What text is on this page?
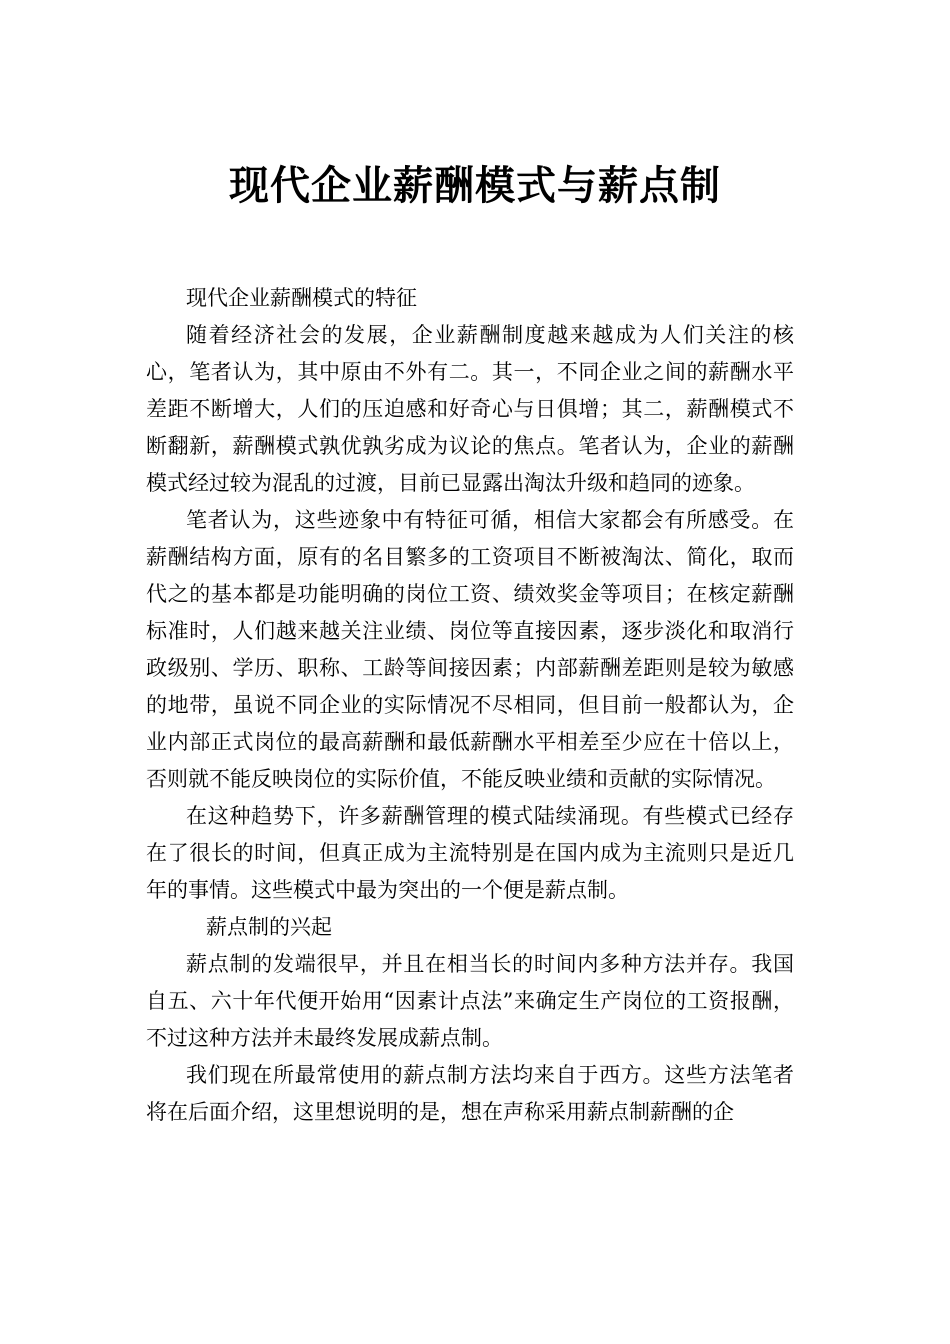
现代企业薪酬模式与薪点制

现代企业薪酬模式的特征

随着经济社会的发展，企业薪酬制度越来越成为人们关注的核心，笔者认为，其中原由不外有二。其一，不同企业之间的薪酬水平差距不断增大，人们的压迫感和好奇心与日俱增；其二，薪酬模式不断翻新，薪酬模式孰优孰劣成为议论的焦点。笔者认为，企业的薪酬模式经过较为混乱的过渡，目前已显露出淘汰升级和趋同的迹象。

笔者认为，这些迹象中有特征可循，相信大家都会有所感受。在薪酬结构方面，原有的名目繁多的工资项目不断被淘汰、简化，取而代之的基本都是功能明确的岗位工资、绩效奖金等项目；在核定薪酬标准时，人们越来越关注业绩、岗位等直接因素，逐步淡化和取消行政级别、学历、职称、工龄等间接因素；内部薪酬差距则是较为敏感的地带，虽说不同企业的实际情况不尽相同，但目前一般都认为，企业内部正式岗位的最高薪酬和最低薪酬水平相差至少应在十倍以上，否则就不能反映岗位的实际价值，不能反映业绩和贡献的实际情况。

在这种趋势下，许多薪酬管理的模式陆续涌现。有些模式已经存在了很长的时间，但真正成为主流特别是在国内成为主流则只是近几年的事情。这些模式中最为突出的一个便是薪点制。

薪点制的兴起

薪点制的发端很早，并且在相当长的时间内多种方法并存。我国自五、六十年代便开始用“因素计点法”来确定生产岗位的工资报酬，不过这种方法并未最终发展成薪点制。

我们现在所最常使用的薪点制方法均来自于西方。这些方法笔者将在后面介绍，这里想说明的是，想在声称采用薪点制薪酬的企
